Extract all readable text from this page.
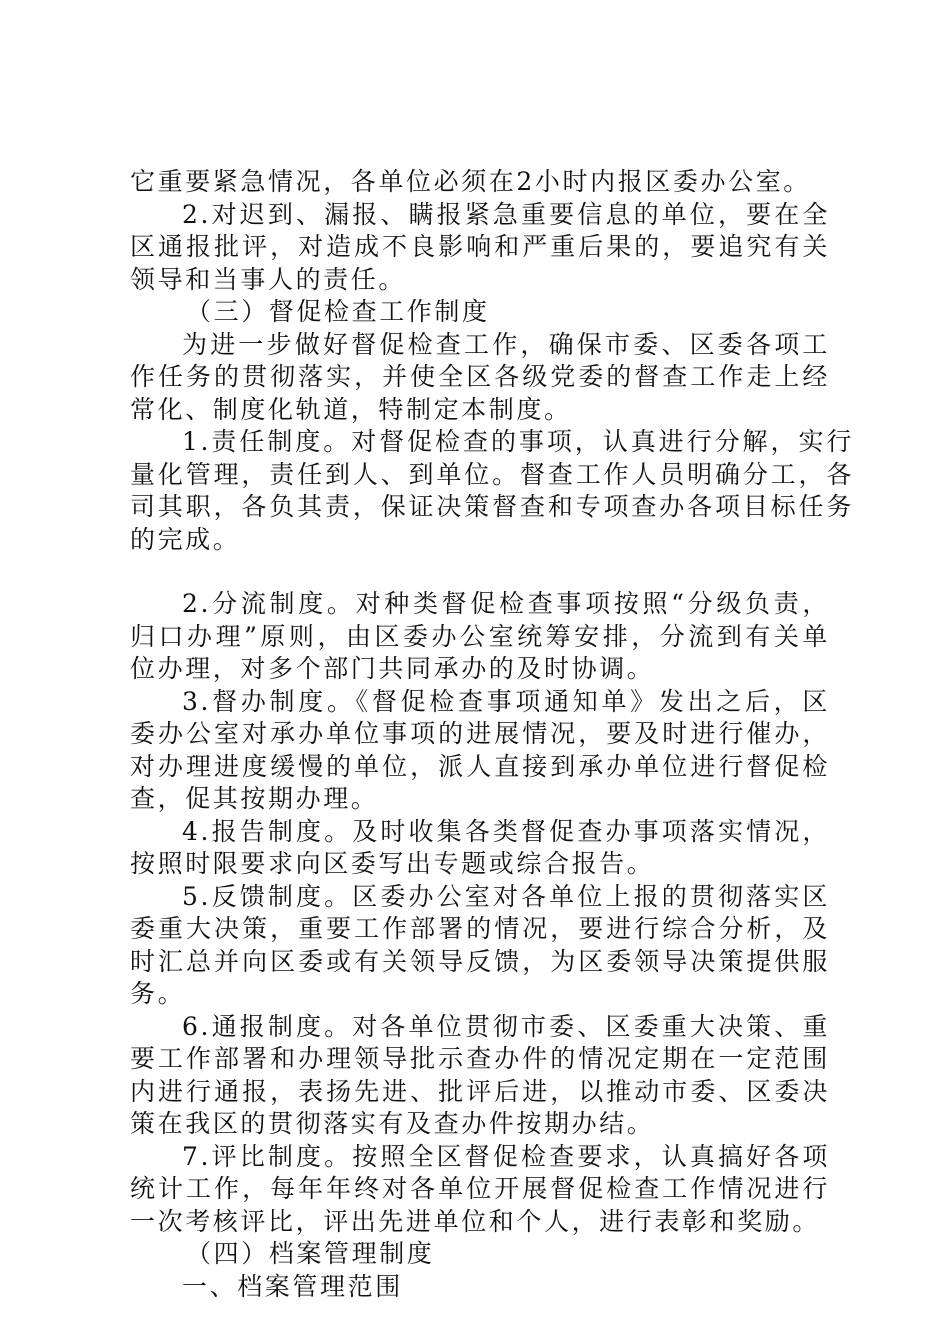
它重要紧急情况，各单位必须在2小时内报区委办公室。

2.对迟到、漏报、瞒报紧急重要信息的单位，要在全区通报批评，对造成不良影响和严重后果的，要追究有关领导和当事人的责任。

（三）督促检查工作制度

为进一步做好督促检查工作，确保市委、区委各项工作任务的贯彻落实，并使全区各级党委的督查工作走上经常化、制度化轨道，特制定本制度。

1.责任制度。对督促检查的事项，认真进行分解，实行量化管理，责任到人、到单位。督查工作人员明确分工，各司其职，各负其责，保证决策督查和专项查办各项目标任务的完成。

2.分流制度。对种类督促检查事项按照“分级负责，归口办理”原则，由区委办公室统筹安排，分流到有关单位办理，对多个部门共同承办的及时协调。

3.督办制度。《督促检查事项通知单》发出之后，区委办公室对承办单位事项的进展情况，要及时进行催办，对办理进度缓慢的单位，派人直接到承办单位进行督促检查，促其按期办理。

4.报告制度。及时收集各类督促查办事项落实情况，按照时限要求向区委写出专题或综合报告。

5.反馈制度。区委办公室对各单位上报的贯彻落实区委重大决策，重要工作部署的情况，要进行综合分析，及时汇总并向区委或有关领导反馈，为区委领导决策提供服务。

6.通报制度。对各单位贯彻市委、区委重大决策、重要工作部署和办理领导批示查办件的情况定期在一定范围内进行通报，表扬先进、批评后进，以推动市委、区委决策在我区的贯彻落实有及查办件按期办结。

7.评比制度。按照全区督促检查要求，认真搞好各项统计工作，每年年终对各单位开展督促检查工作情况进行一次考核评比，评出先进单位和个人，进行表彰和奖励。

（四）档案管理制度

一、档案管理范围
